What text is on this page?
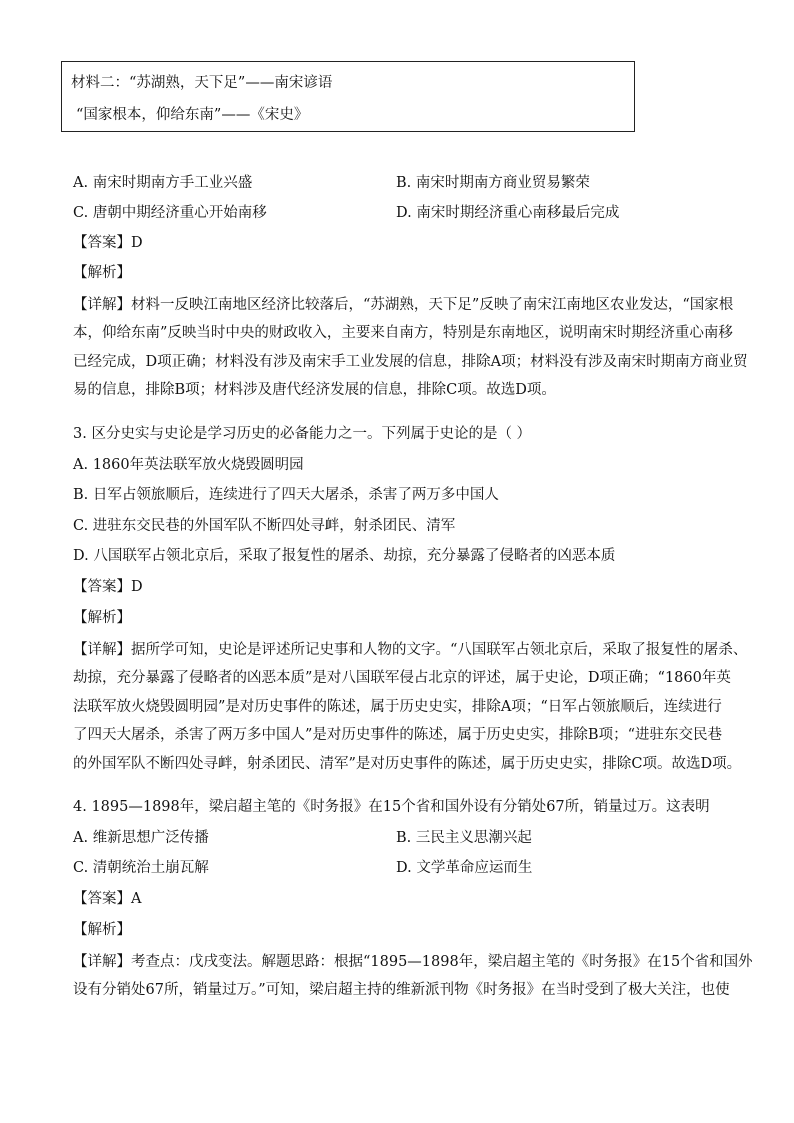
材料二：“苏湖熟，天下足”——南宋谚语
“国家根本，仰给东南”——《宋史》
A. 南宋时期南方手工业兴盛	B. 南宋时期南方商业贸易繁荣
C. 唐朝中期经济重心开始南移	D. 南宋时期经济重心南移最后完成
【答案】D
【解析】
【详解】材料一反映江南地区经济比较落后，“苏湖熟，天下足”反映了南宋江南地区农业发达，“国家根
本，仰给东南”反映当时中央的财政收入，主要来自南方，特别是东南地区，说明南宋时期经济重心南移
已经完成，D项正确；材料没有涉及南宋手工业发展的信息，排除A项；材料没有涉及南宋时期南方商业贸
易的信息，排除B项；材料涉及唐代经济发展的信息，排除C项。故选D项。
3. 区分史实与史论是学习历史的必备能力之一。下列属于史论的是（ ）
A. 1860年英法联军放火烧毁圆明园
B. 日军占领旅顺后，连续进行了四天大屠杀，杀害了两万多中国人
C. 进驻东交民巷的外国军队不断四处寻衅，射杀团民、清军
D. 八国联军占领北京后，采取了报复性的屠杀、劫掠，充分暴露了侵略者的凶恶本质
【答案】D
【解析】
【详解】据所学可知，史论是评述所记史事和人物的文字。“八国联军占领北京后，采取了报复性的屠杀、
劫掠，充分暴露了侵略者的凶恶本质”是对八国联军侵占北京的评述，属于史论，D项正确；“1860年英
法联军放火烧毁圆明园”是对历史事件的陈述，属于历史史实，排除A项；“日军占领旅顺后，连续进行
了四天大屠杀，杀害了两万多中国人”是对历史事件的陈述，属于历史史实，排除B项；“进驻东交民巷
的外国军队不断四处寻衅，射杀团民、清军”是对历史事件的陈述，属于历史史实，排除C项。故选D项。
4. 1895—1898年，梁启超主笔的《时务报》在15个省和国外设有分销处67所，销量过万。这表明
A. 维新思想广泛传播	B. 三民主义思潮兴起
C. 清朝统治土崩瓦解	D. 文学革命应运而生
【答案】A
【解析】
【详解】考查点：戊戌变法。解题思路：根据“1895—1898年，梁启超主笔的《时务报》在15个省和国外
设有分销处67所，销量过万。”可知，梁启超主持的维新派刊物《时务报》在当时受到了极大关注，也使
